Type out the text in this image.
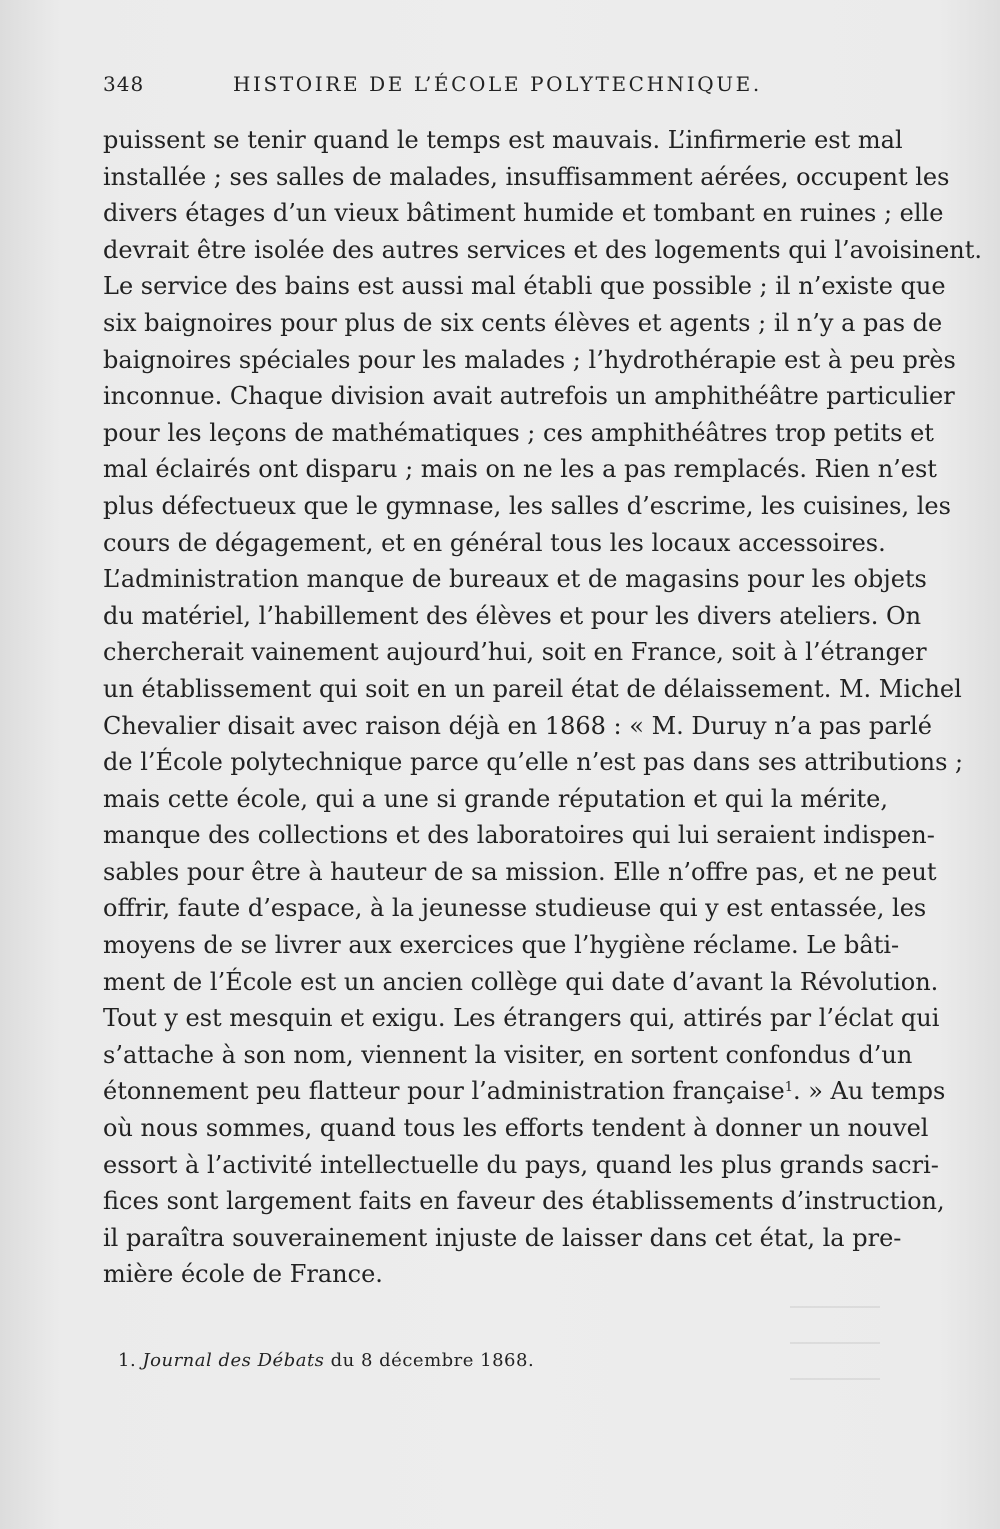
348	HISTOIRE DE L’ÉCOLE POLYTECHNIQUE.
puissent se tenir quand le temps est mauvais. L’infirmerie est mal
installée ; ses salles de malades, insuffisamment aérées, occupent les
divers étages d’un vieux bâtiment humide et tombant en ruines ; elle
devrait être isolée des autres services et des logements qui l’avoisinent.
Le service des bains est aussi mal établi que possible ; il n’existe que
six baignoires pour plus de six cents élèves et agents ; il n’y a pas de
baignoires spéciales pour les malades ; l’hydrothérapie est à peu près
inconnue. Chaque division avait autrefois un amphithéâtre particulier
pour les leçons de mathématiques ; ces amphithéâtres trop petits et
mal éclairés ont disparu ; mais on ne les a pas remplacés. Rien n’est
plus défectueux que le gymnase, les salles d’escrime, les cuisines, les
cours de dégagement, et en général tous les locaux accessoires.
L’administration manque de bureaux et de magasins pour les objets
du matériel, l’habillement des élèves et pour les divers ateliers. On
chercherait vainement aujourd’hui, soit en France, soit à l’étranger
un établissement qui soit en un pareil état de délaissement. M. Michel
Chevalier disait avec raison déjà en 1868 : « M. Duruy n’a pas parlé
de l’École polytechnique parce qu’elle n’est pas dans ses attributions ;
mais cette école, qui a une si grande réputation et qui la mérite,
manque des collections et des laboratoires qui lui seraient indispen-
sables pour être à hauteur de sa mission. Elle n’offre pas, et ne peut
offrir, faute d’espace, à la jeunesse studieuse qui y est entassée, les
moyens de se livrer aux exercices que l’hygiène réclame. Le bâti-
ment de l’École est un ancien collège qui date d’avant la Révolution.
Tout y est mesquin et exigu. Les étrangers qui, attirés par l’éclat qui
s’attache à son nom, viennent la visiter, en sortent confondus d’un
étonnement peu flatteur pour l’administration française$^1$. » Au temps
où nous sommes, quand tous les efforts tendent à donner un nouvel
essort à l’activité intellectuelle du pays, quand les plus grands sacri-
fices sont largement faits en faveur des établissements d’instruction,
il paraîtra souverainement injuste de laisser dans cet état, la pre-
mière école de France.
1. Journal des Débats du 8 décembre 1868.
